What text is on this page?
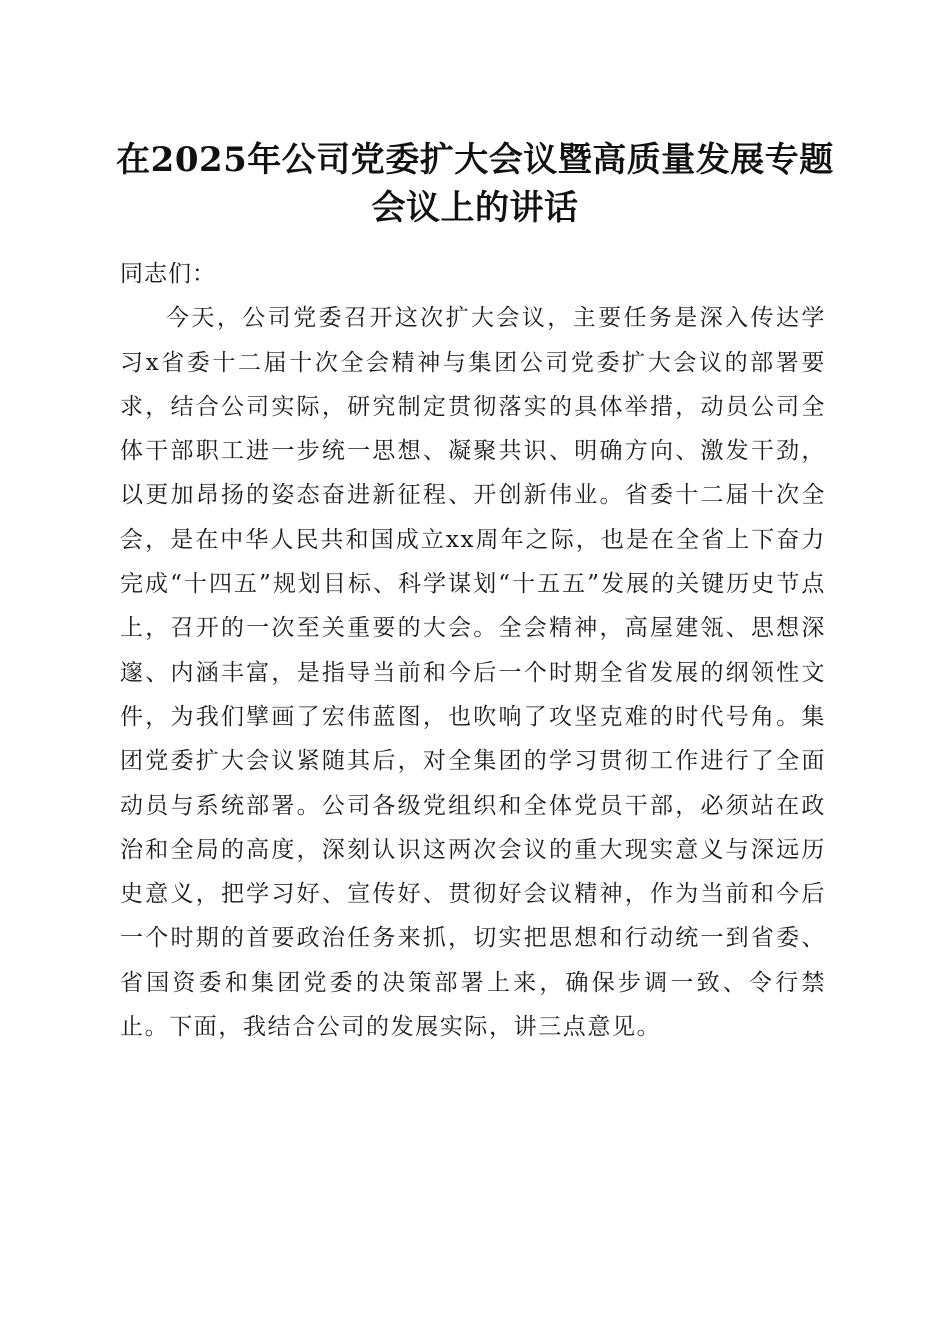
在2025年公司党委扩大会议暨高质量发展专题会议上的讲话

同志们：

今天，公司党委召开这次扩大会议，主要任务是深入传达学习x省委十二届十次全会精神与集团公司党委扩大会议的部署要求，结合公司实际，研究制定贯彻落实的具体举措，动员公司全体干部职工进一步统一思想、凝聚共识、明确方向、激发干劲，以更加昂扬的姿态奋进新征程、开创新伟业。省委十二届十次全会，是在中华人民共和国成立xx周年之际，也是在全省上下奋力完成“十四五”规划目标、科学谋划“十五五”发展的关键历史节点上，召开的一次至关重要的大会。全会精神，高屋建瓴、思想深邃、内涵丰富，是指导当前和今后一个时期全省发展的纲领性文件，为我们擘画了宏伟蓝图，也吹响了攻坚克难的时代号角。集团党委扩大会议紧随其后，对全集团的学习贯彻工作进行了全面动员与系统部署。公司各级党组织和全体党员干部，必须站在政治和全局的高度，深刻认识这两次会议的重大现实意义与深远历史意义，把学习好、宣传好、贯彻好会议精神，作为当前和今后一个时期的首要政治任务来抓，切实把思想和行动统一到省委、省国资委和集团党委的决策部署上来，确保步调一致、令行禁止。下面，我结合公司的发展实际，讲三点意见。
